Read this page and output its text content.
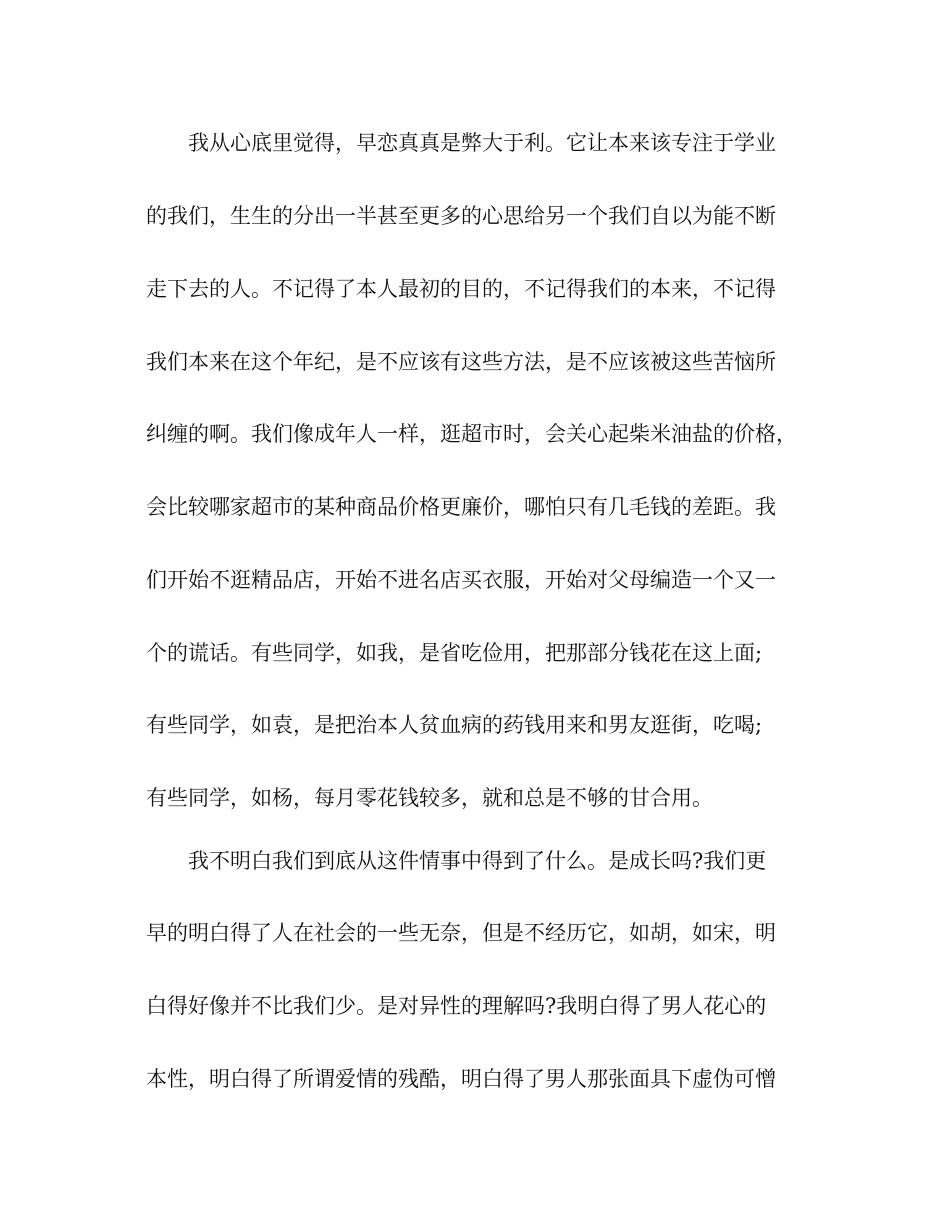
我从心底里觉得，早恋真真是弊大于利。它让本来该专注于学业
的我们，生生的分出一半甚至更多的心思给另一个我们自以为能不断
走下去的人。不记得了本人最初的目的，不记得我们的本来，不记得
我们本来在这个年纪，是不应该有这些方法，是不应该被这些苦恼所
纠缠的啊。我们像成年人一样，逛超市时，会关心起柴米油盐的价格，
会比较哪家超市的某种商品价格更廉价，哪怕只有几毛钱的差距。我
们开始不逛精品店，开始不进名店买衣服，开始对父母编造一个又一
个的谎话。有些同学，如我，是省吃俭用，把那部分钱花在这上面;
有些同学，如袁，是把治本人贫血病的药钱用来和男友逛街，吃喝;
有些同学，如杨，每月零花钱较多，就和总是不够的甘合用。
我不明白我们到底从这件情事中得到了什么。是成长吗?我们更
早的明白得了人在社会的一些无奈，但是不经历它，如胡，如宋，明
白得好像并不比我们少。是对异性的理解吗?我明白得了男人花心的
本性，明白得了所谓爱情的残酷，明白得了男人那张面具下虚伪可憎
